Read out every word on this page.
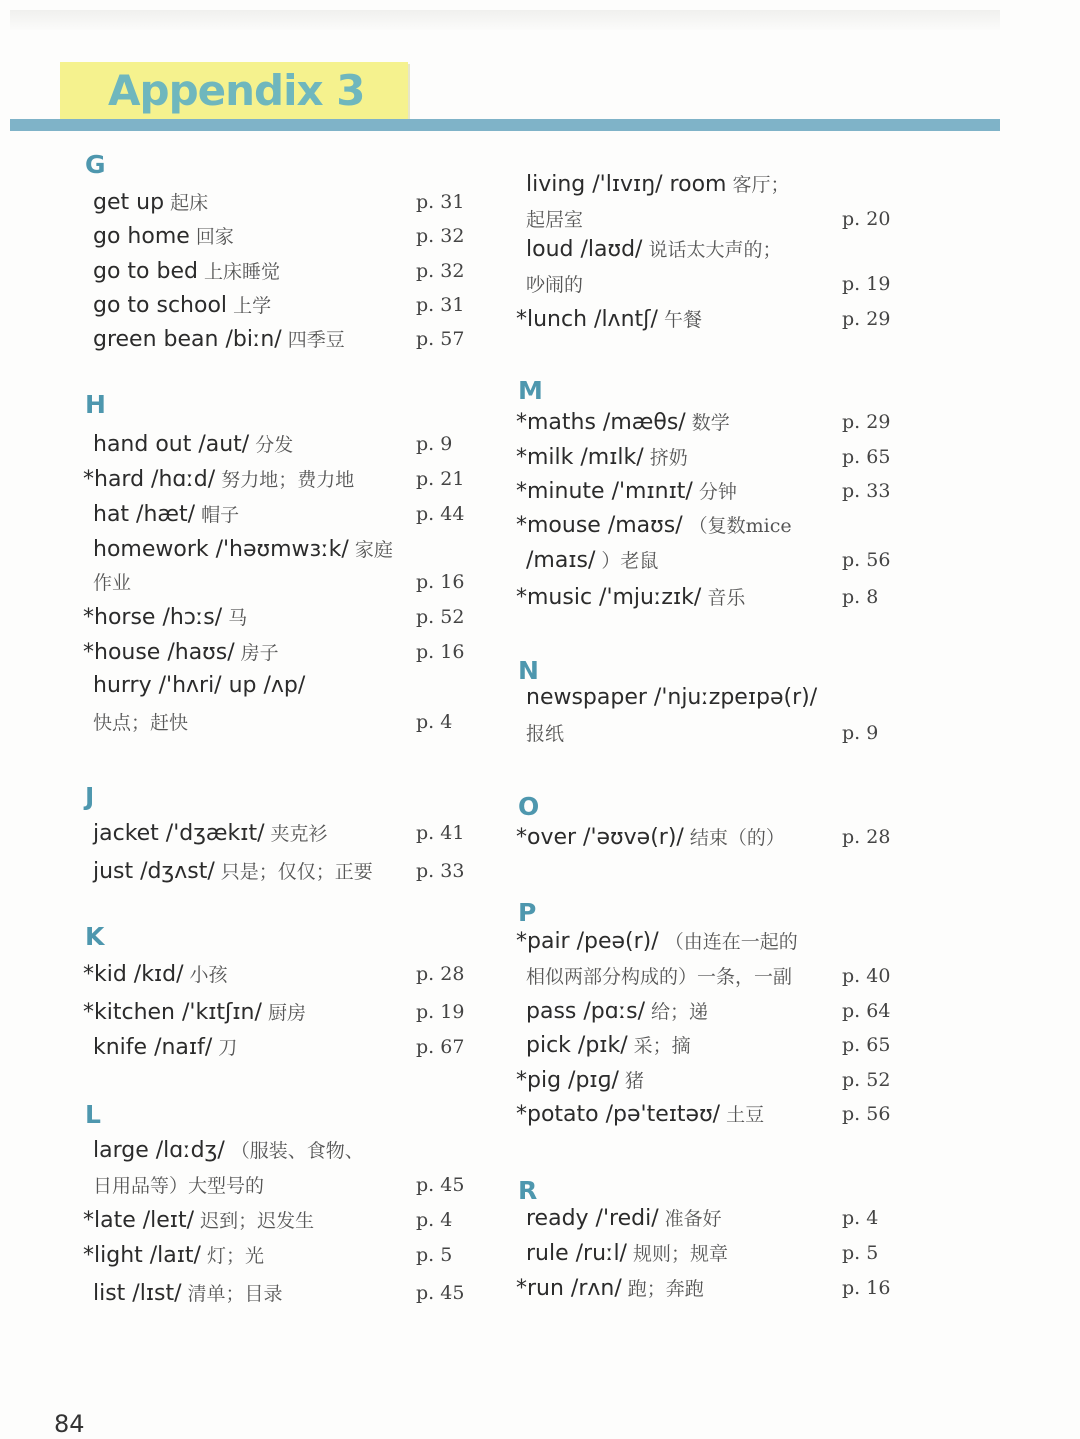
Appendix 3
G
get up 起床	p. 31
go home 回家	p. 32
go to bed 上床睡觉	p. 32
go to school 上学	p. 31
green bean /biːn/ 四季豆	p. 57
H
hand out /aut/ 分发	p. 9
*hard /hɑːd/ 努力地；费力地	p. 21
hat /hæt/ 帽子	p. 44
homework /'həʊmwɜːk/ 家庭
作业	p. 16
*horse /hɔːs/ 马	p. 52
*house /haʊs/ 房子	p. 16
hurry /'hʌri/ up /ʌp/
快点；赶快	p. 4
J
jacket /'dʒækɪt/ 夹克衫	p. 41
just /dʒʌst/ 只是；仅仅；正要 p. 33
K
*kid /kɪd/ 小孩	p. 28
*kitchen /'kɪtʃɪn/ 厨房	p. 19
knife /naɪf/ 刀	p. 67
L
large /lɑːdʒ/ （服装、食物、
日用品等）大型号的	p. 45
*late /leɪt/ 迟到；迟发生	p. 4
*light /laɪt/ 灯；光	p. 5
list /lɪst/ 清单；目录	p. 45
living /'lɪvɪŋ/ room 客厅；
起居室	p. 20
loud /laʊd/ 说话太大声的；
吵闹的	p. 19
*lunch /lʌntʃ/ 午餐	p. 29
M
*maths /mæθs/ 数学	p. 29
*milk /mɪlk/ 挤奶	p. 65
*minute /'mɪnɪt/ 分钟	p. 33
*mouse /maʊs/ （复数mice
/maɪs/ ）老鼠	p. 56
*music /'mjuːzɪk/ 音乐	p. 8
N
newspaper /'njuːzpeɪpə(r)/
报纸	p. 9
O
*over /'əʊvə(r)/ 结束（的）	p. 28
P
*pair /peə(r)/ （由连在一起的
相似两部分构成的）一条，一副	p. 40
pass /pɑːs/ 给；递	p. 64
pick /pɪk/ 采；摘	p. 65
*pig /pɪɡ/ 猪	p. 52
*potato /pə'teɪtəʊ/ 土豆	p. 56
R
ready /'redi/ 准备好	p. 4
rule /ruːl/ 规则；规章	p. 5
*run /rʌn/ 跑；奔跑	p. 16
84
